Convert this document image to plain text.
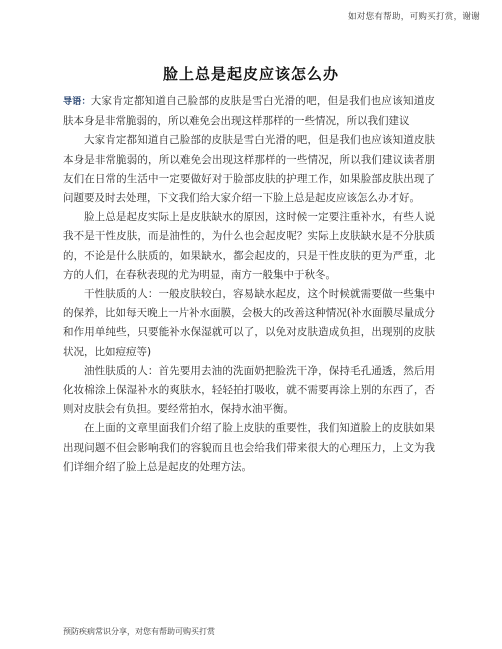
如对您有帮助，可购买打赏，谢谢
脸上总是起皮应该怎么办

导语：大家肯定都知道自己脸部的皮肤是雪白光滑的吧，但是我们也应该知道皮肤本身是非常脆弱的，所以难免会出现这样那样的一些情况，所以我们建议

大家肯定都知道自己脸部的皮肤是雪白光滑的吧，但是我们也应该知道皮肤本身是非常脆弱的，所以难免会出现这样那样的一些情况，所以我们建议读者朋友们在日常的生活中一定要做好对于脸部皮肤的护理工作，如果脸部皮肤出现了问题要及时去处理，下文我们给大家介绍一下脸上总是起皮应该怎么办才好。

脸上总是起皮实际上是皮肤缺水的原因，这时候一定要注重补水，有些人说我不是干性皮肤，而是油性的，为什么也会起皮呢？实际上皮肤缺水是不分肤质的，不论是什么肤质的，如果缺水，都会起皮的，只是干性皮肤的更为严重，北方的人们，在春秋表现的尤为明显，南方一般集中于秋冬。

干性肤质的人：一般皮肤较白，容易缺水起皮，这个时候就需要做一些集中的保养，比如每天晚上一片补水面膜，会极大的改善这种情况(补水面膜尽量成分和作用单纯些，只要能补水保湿就可以了，以免对皮肤造成负担，出现别的皮肤状况，比如痘痘等)

油性肤质的人：首先要用去油的洗面奶把脸洗干净，保持毛孔通透，然后用化妆棉涂上保湿补水的爽肤水，轻轻拍打吸收，就不需要再涂上别的东西了，否则对皮肤会有负担。要经常拍水，保持水油平衡。

在上面的文章里面我们介绍了脸上皮肤的重要性，我们知道脸上的皮肤如果出现问题不但会影响我们的容貌而且也会给我们带来很大的心理压力，上文为我们详细介绍了脸上总是起皮的处理方法。

预防疾病常识分享，对您有帮助可购买打赏
